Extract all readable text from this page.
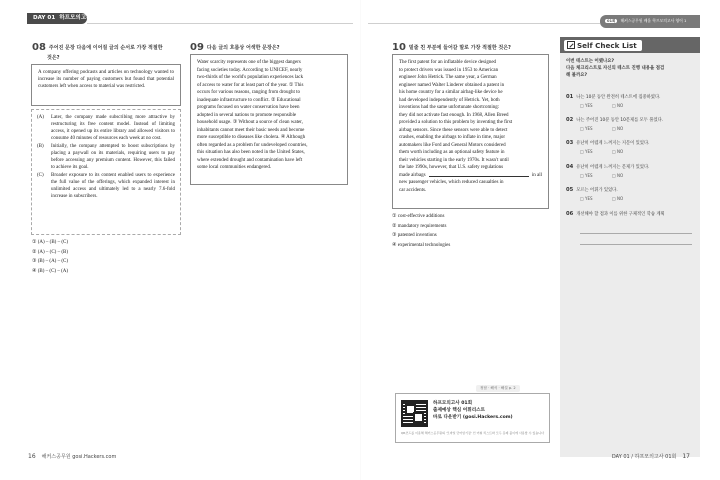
DAY 01 하프모의고사 01회	01회 해커스공무원 배움 학프모의고사 영어 1
08 주어진 문장 다음에 이어질 글의 순서로 가장 적절한
것은?

A company offering podcasts and articles on technology wanted to increase its number of paying customers but found that potential customers left when access to material was restricted.

(A)	Later, the company made subscribing more attractive by restructuring its free content model. Instead of limiting access, it opened up its entire library and allowed visitors to consume 40 minutes of resources each week at no cost.
(B)	Initially, the company attempted to boost subscriptions by placing a paywall on its materials, requiring users to pay before accessing any premium content. However, this failed to achieve its goal.
(C)	Broader exposure to its content enabled users to experience the full value of the offerings, which expanded interest in unlimited access and ultimately led to a nearly 7.6-fold increase in subscribers.
① (A) – (B) – (C)
② (A) – (C) – (B)
③ (B) – (A) – (C)
④ (B) – (C) – (A)
09 다음 글의 흐름상 어색한 문장은?
Water scarcity represents one of the biggest dangers
facing societies today. According to UNICEF, nearly
two-thirds of the world's population experiences lack
of access to water for at least part of the year. ① This
occurs for various reasons, ranging from drought to
inadequate infrastructure to conflict. ② Educational
programs focused on water conservation have been
adopted in several nations to promote responsible
household usage. ③ Without a source of clean water,
inhabitants cannot meet their basic needs and become
more susceptible to diseases like cholera. ④ Although
often regarded as a problem for undeveloped countries,
this situation has also been noted in the United States,
where extended drought and contamination have left
some local communities endangered.
10 밑줄 친 부분에 들어갈 말로 가장 적절한 것은?
The first patent for an inflatable device designed
to protect drivers was issued in 1953 to American
engineer John Hetrick. The same year, a German
engineer named Walter Linderer obtained a patent in
his home country for a similar airbag-like device he
had developed independently of Hetrick. Yet, both
inventions had the same unfortunate shortcoming:
they did not activate fast enough. In 1968, Allen Breed
provided a solution to this problem by inventing the first
airbag sensors. Since these sensors were able to detect
crashes, enabling the airbags to inflate in time, major
automakers like Ford and General Motors considered
them worth including as an optional safety feature in
their vehicles starting in the early 1970s. It wasn't until
the late 1990s, however, that U.S. safety regulations
made airbags	in all
new passenger vehicles, which reduced casualties in
car accidents.
① cost-effective additions
② mandatory requirements
③ patented inventions
④ experimental technologies
정답 · 해석 · 해설 p. 2
하프모의고사 01회
출제예상 핵심 어휘리스트
바로 다운받기 (gosi.Hackers.com)
QR코드를 이용해 해커스공무원의 '모바일 단어암기장' 인 어휘 리스트와 모두 문제 풀이에 사용할 수 있습니다
Self Check List
이번 테스트는 어땠나요?
다음 체크리스트로 자신의 테스트 진행 내용을 점검
해 볼까요?
01 나는 10분 동안 완전히 테스트에 집중하였다.
□ YES	□ NO
02 나는 주어진 10분 동안 10문제를 모두 풀었다.
□ YES	□ NO
03 유난히 어렵게 느껴지는 지문이 있었다.
□ YES	□ NO
04 유난히 어렵게 느껴지는 문제가 있었다.
□ YES	□ NO
05 모르는 어휘가 있었다.
□ YES	□ NO
06 개선해야 할 점과 이를 위한 구체적인 학습 계획
16 해커스공무원 gosi.Hackers.com	DAY 01 / 하프모의고사 01회 17
